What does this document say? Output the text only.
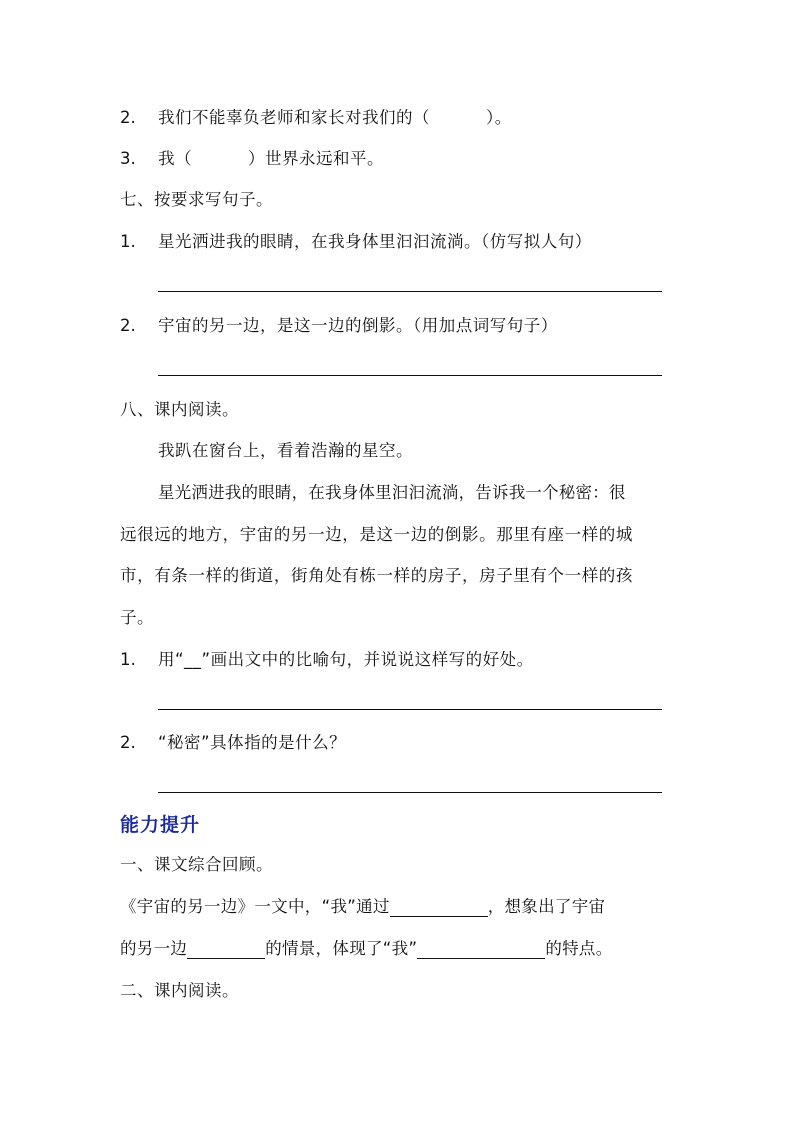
2. 我们不能辜负老师和家长对我们的（	）。
3. 我（	）世界永远和平。
七、按要求写句子。
1. 星光洒进我的眼睛，在我身体里汩汩流淌。（仿写拟人句）
2. 宇宙的另一边，是这一边的倒影。（用加点词写句子）
八、课内阅读。
我趴在窗台上，看着浩瀚的星空。
星光洒进我的眼睛，在我身体里汩汩流淌，告诉我一个秘密：很
远很远的地方，宇宙的另一边，是这一边的倒影。那里有座一样的城
市，有条一样的街道，街角处有栋一样的房子，房子里有个一样的孩
子。
1. 用“__”画出文中的比喻句，并说说这样写的好处。
2. “秘密”具体指的是什么？
能力提升
一、课文综合回顾。
《宇宙的另一边》一文中，“我”通过	，想象出了宇宙
的另一边	的情景，体现了“我”	的特点。
二、课内阅读。
